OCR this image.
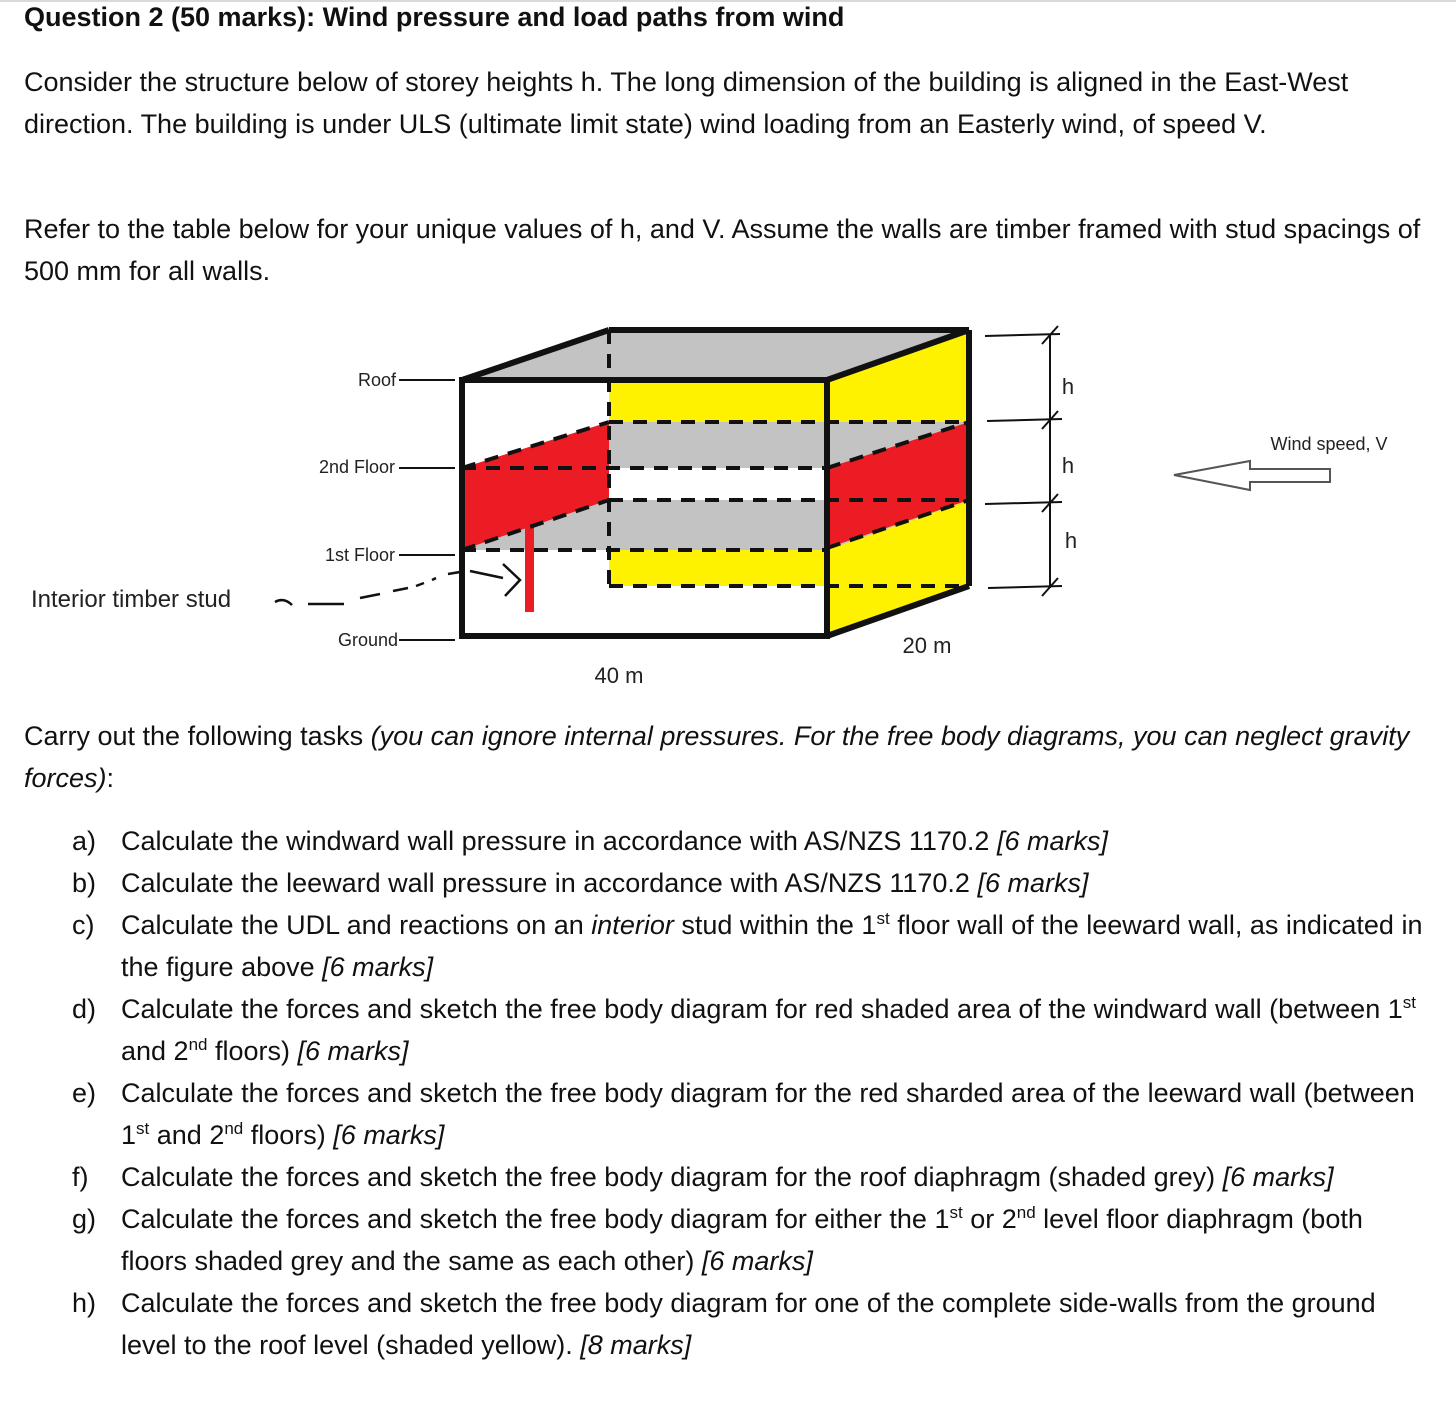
Question 2 (50 marks): Wind pressure and load paths from wind

Consider the structure below of storey heights h. The long dimension of the building is aligned in the East-West direction. The building is under ULS (ultimate limit state) wind loading from an Easterly wind, of speed V.

Refer to the table below for your unique values of h, and V. Assume the walls are timber framed with stud spacings of 500 mm for all walls.

Roof
2nd Floor
1st Floor
Ground
Interior timber stud
h
h
h
40 m
20 m
Wind speed, V

Carry out the following tasks (you can ignore internal pressures. For the free body diagrams, you can neglect gravity forces):

a) Calculate the windward wall pressure in accordance with AS/NZS 1170.2 [6 marks]
b) Calculate the leeward wall pressure in accordance with AS/NZS 1170.2 [6 marks]
c) Calculate the UDL and reactions on an interior stud within the 1st floor wall of the leeward wall, as indicated in the figure above [6 marks]
d) Calculate the forces and sketch the free body diagram for red shaded area of the windward wall (between 1st and 2nd floors) [6 marks]
e) Calculate the forces and sketch the free body diagram for the red sharded area of the leeward wall (between 1st and 2nd floors) [6 marks]
f) Calculate the forces and sketch the free body diagram for the roof diaphragm (shaded grey) [6 marks]
g) Calculate the forces and sketch the free body diagram for either the 1st or 2nd level floor diaphragm (both floors shaded grey and the same as each other) [6 marks]
h) Calculate the forces and sketch the free body diagram for one of the complete side-walls from the ground level to the roof level (shaded yellow). [8 marks]
